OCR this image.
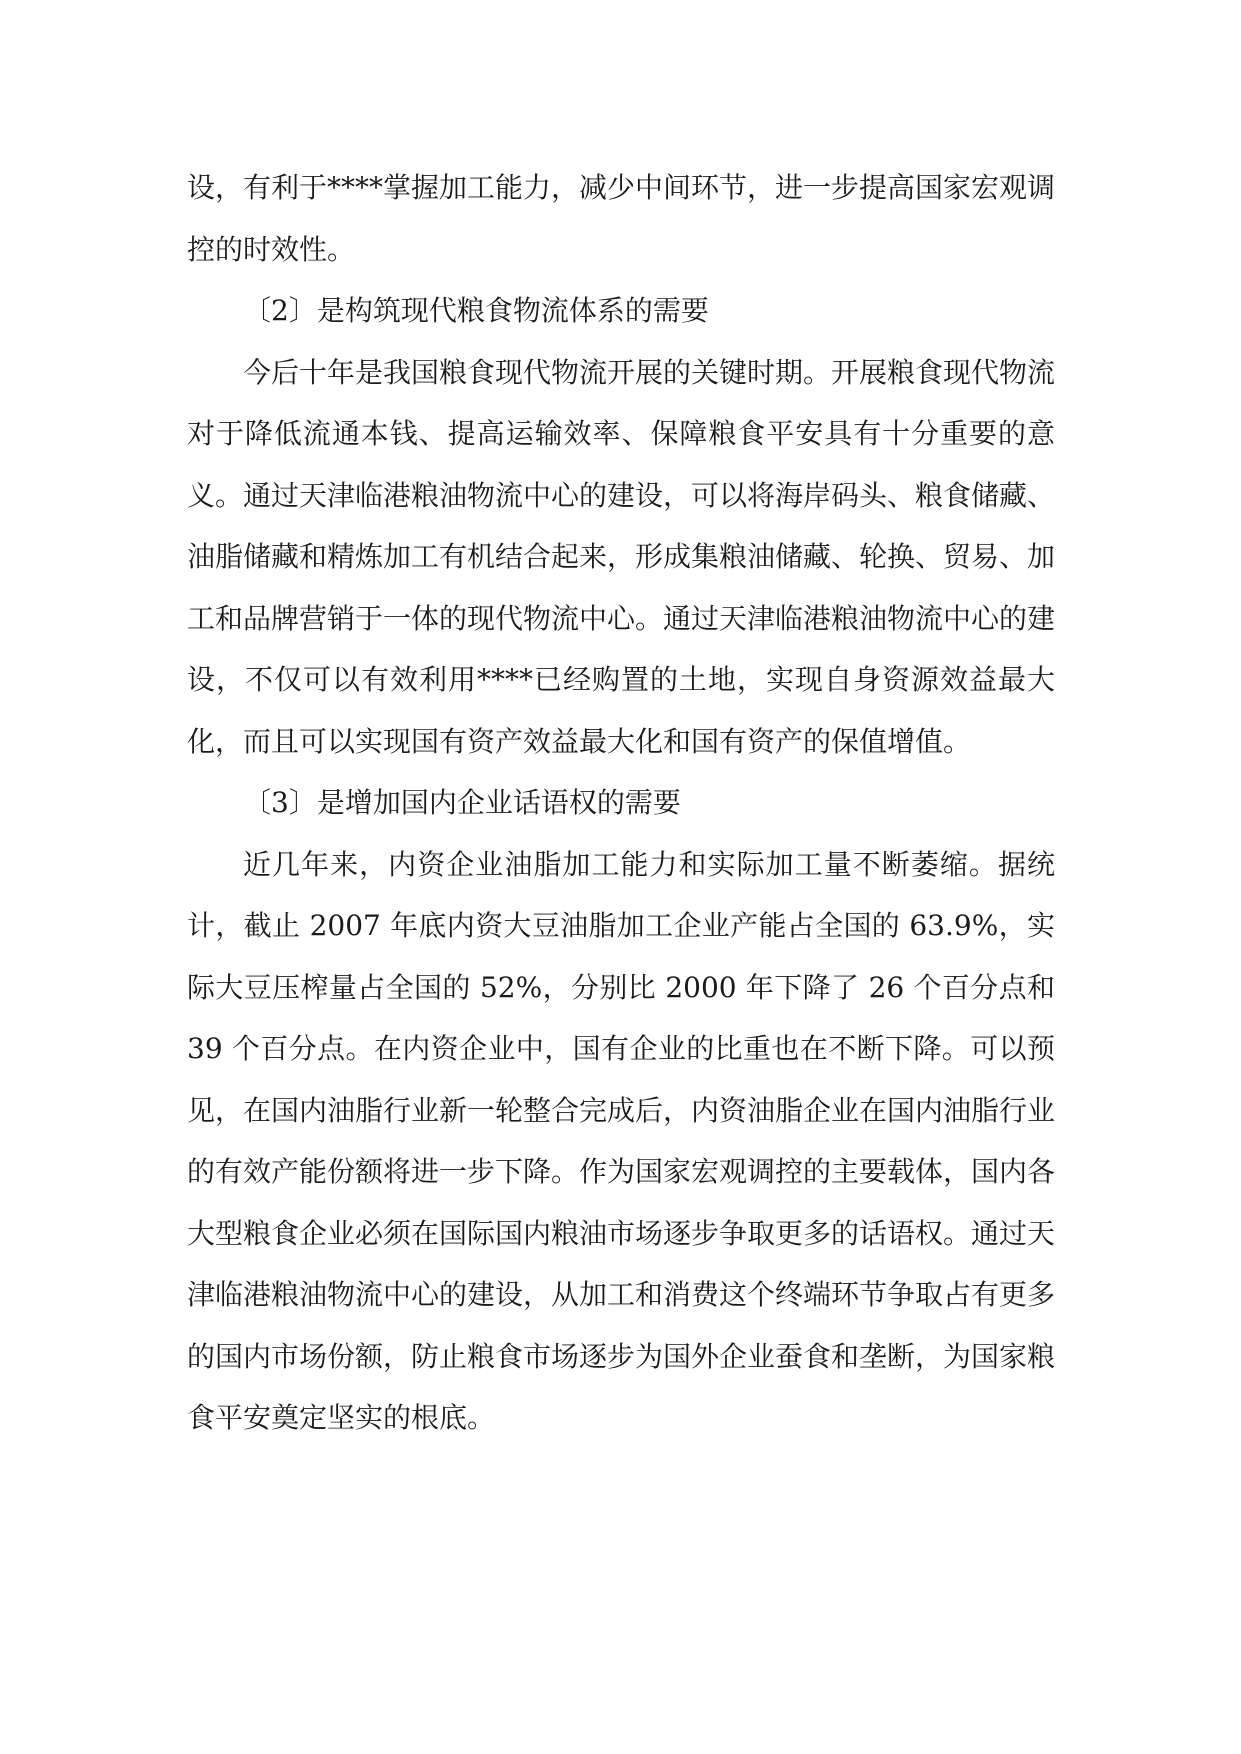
设，有利于****掌握加工能力，减少中间环节，进一步提高国家宏观调控的时效性。

〔2〕是构筑现代粮食物流体系的需要

今后十年是我国粮食现代物流开展的关键时期。开展粮食现代物流对于降低流通本钱、提高运输效率、保障粮食平安具有十分重要的意义。通过天津临港粮油物流中心的建设，可以将海岸码头、粮食储藏、油脂储藏和精炼加工有机结合起来，形成集粮油储藏、轮换、贸易、加工和品牌营销于一体的现代物流中心。通过天津临港粮油物流中心的建设，不仅可以有效利用****已经购置的土地，实现自身资源效益最大化，而且可以实现国有资产效益最大化和国有资产的保值增值。

〔3〕是增加国内企业话语权的需要

近几年来，内资企业油脂加工能力和实际加工量不断萎缩。据统计，截止 2007 年底内资大豆油脂加工企业产能占全国的 63.9%，实际大豆压榨量占全国的 52%，分别比 2000 年下降了 26 个百分点和 39 个百分点。在内资企业中，国有企业的比重也在不断下降。可以预见，在国内油脂行业新一轮整合完成后，内资油脂企业在国内油脂行业的有效产能份额将进一步下降。作为国家宏观调控的主要载体，国内各大型粮食企业必须在国际国内粮油市场逐步争取更多的话语权。通过天津临港粮油物流中心的建设，从加工和消费这个终端环节争取占有更多的国内市场份额，防止粮食市场逐步为国外企业蚕食和垄断，为国家粮食平安奠定坚实的根底。
